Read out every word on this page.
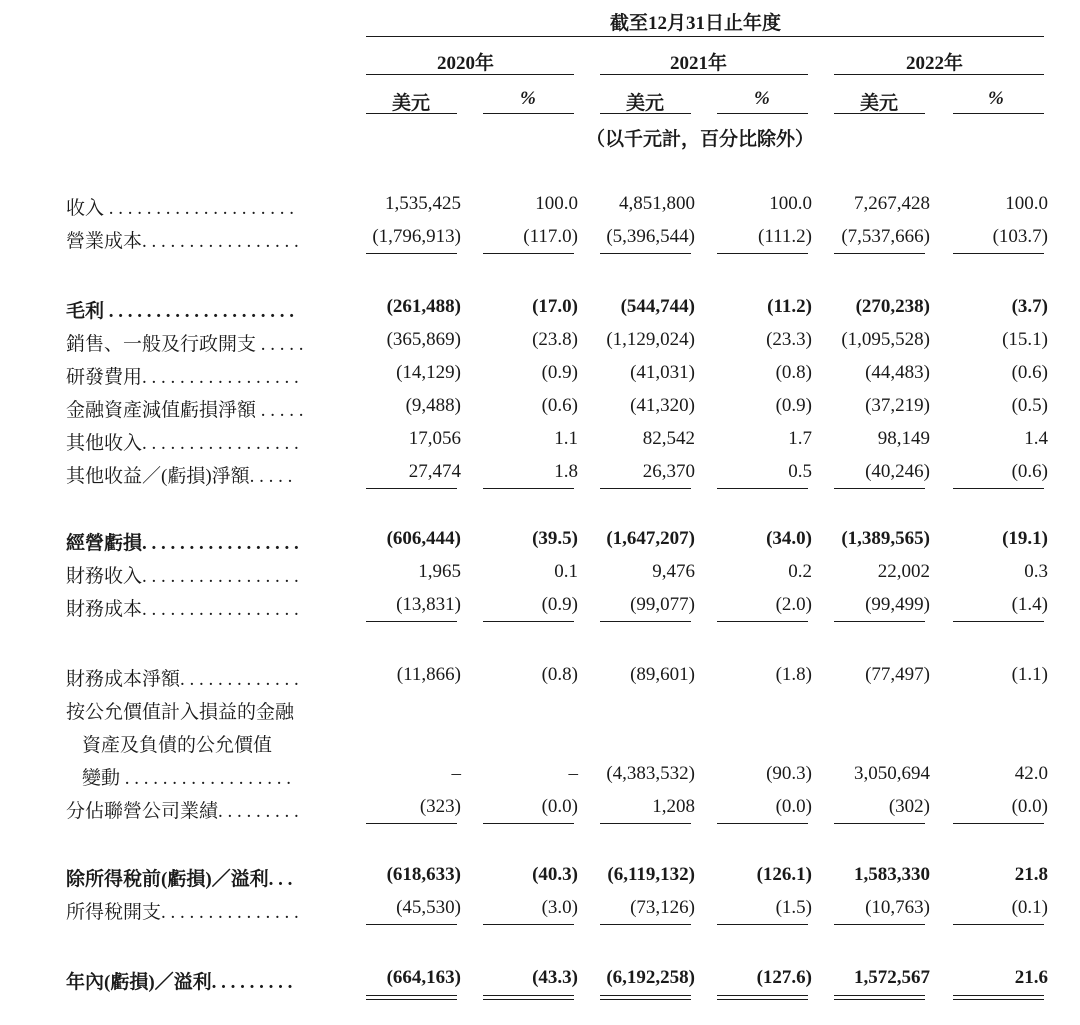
截至12月31日止年度
2020年	2021年	2022年
美元	%	美元	%	美元	%
（以千元計，百分比除外）
收入 . . . . . . . . . . . . . . . . . . . .	1,535,425	100.0 4,851,800	100.0 7,267,428	100.0
營業成本. . . . . . . . . . . . . . . . .	(1,796,913)	(117.0) (5,396,544)	(111.2) (7,537,666)	(103.7)
毛利 . . . . . . . . . . . . . . . . . . . .	(261,488)	(17.0) (544,744)	(11.2) (270,238)	(3.7)
銷售、一般及行政開支 . . . . .	(365,869)	(23.8) (1,129,024)	(23.3) (1,095,528)	(15.1)
研發費用. . . . . . . . . . . . . . . . .	(14,129)	(0.9)	(41,031)	(0.8)	(44,483)	(0.6)
金融資產減值虧損淨額 . . . . .	(9,488)	(0.6)	(41,320)	(0.9)	(37,219)	(0.5)
其他收入. . . . . . . . . . . . . . . . .	17,056	1.1	82,542	1.7	98,149	1.4
其他收益／(虧損)淨額. . . . .	27,474	1.8	26,370	0.5	(40,246)	(0.6)
經營虧損. . . . . . . . . . . . . . . . .	(606,444)	(39.5) (1,647,207)	(34.0) (1,389,565)	(19.1)
財務收入. . . . . . . . . . . . . . . . .	1,965	0.1	9,476	0.2	22,002	0.3
財務成本. . . . . . . . . . . . . . . . .	(13,831)	(0.9)	(99,077)	(2.0)	(99,499)	(1.4)
財務成本淨額. . . . . . . . . . . . .	(11,866)	(0.8)	(89,601)	(1.8)	(77,497)	(1.1)
按公允價值計入損益的金融
資產及負債的公允價值
變動 . . . . . . . . . . . . . . . . . .	–	– (4,383,532)	(90.3) 3,050,694	42.0
分佔聯營公司業績. . . . . . . . .	(323)	(0.0)	1,208	(0.0)	(302)	(0.0)
除所得稅前(虧損)／溢利. . .	(618,633)	(40.3) (6,119,132)	(126.1) 1,583,330	21.8
所得稅開支. . . . . . . . . . . . . . .	(45,530)	(3.0)	(73,126)	(1.5)	(10,763)	(0.1)
年內(虧損)／溢利. . . . . . . . .	(664,163)	(43.3) (6,192,258)	(127.6) 1,572,567	21.6
